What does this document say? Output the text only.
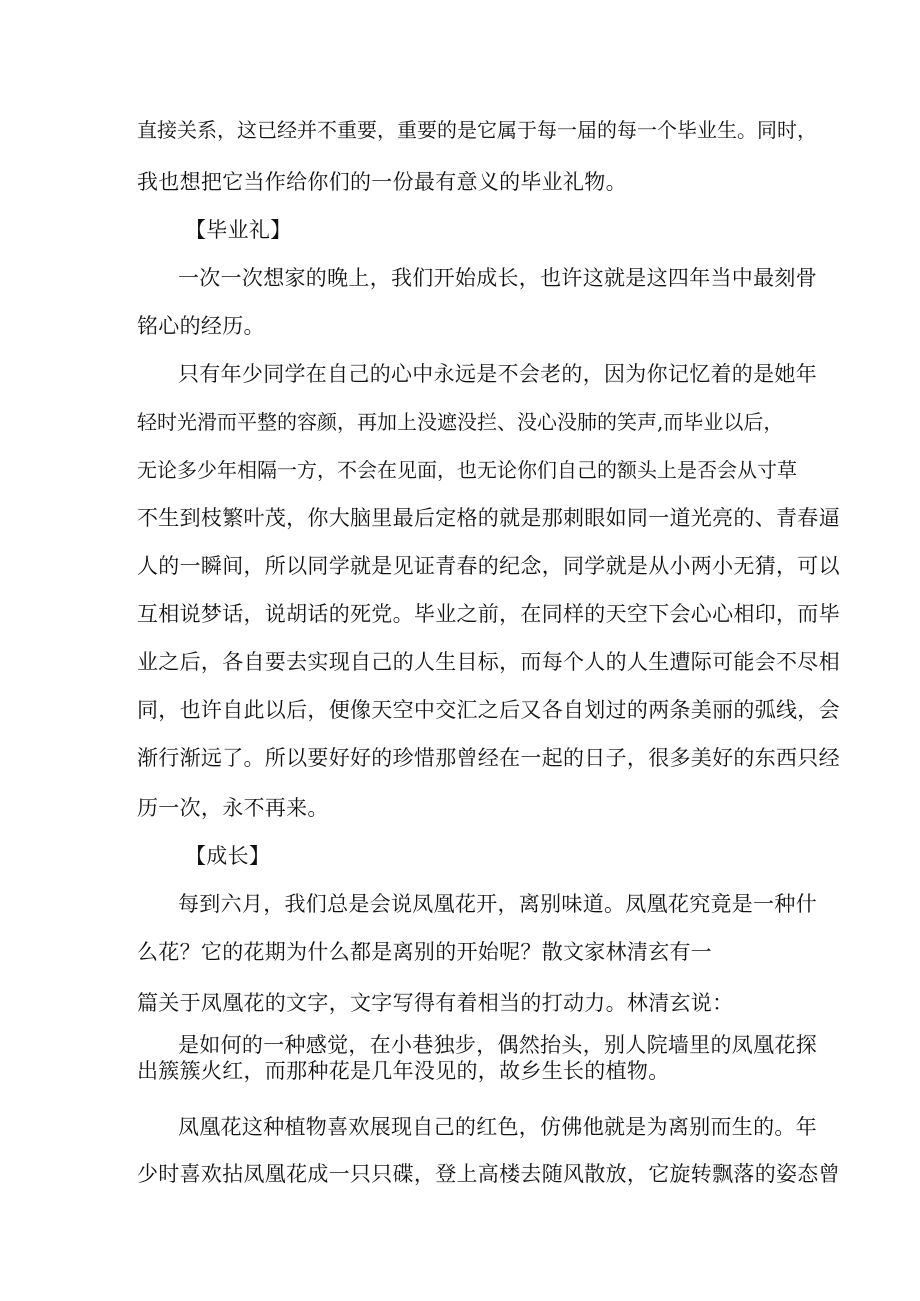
直接关系，这已经并不重要，重要的是它属于每一届的每一个毕业生。同时，
我也想把它当作给你们的一份最有意义的毕业礼物。
【毕业礼】
一次一次想家的晚上，我们开始成长，也许这就是这四年当中最刻骨
铭心的经历。
只有年少同学在自己的心中永远是不会老的，因为你记忆着的是她年
轻时光滑而平整的容颜，再加上没遮没拦、没心没肺的笑声,而毕业以后，
无论多少年相隔一方，不会在见面，也无论你们自己的额头上是否会从寸草
不生到枝繁叶茂，你大脑里最后定格的就是那刺眼如同一道光亮的、青春逼
人的一瞬间，所以同学就是见证青春的纪念，同学就是从小两小无猜，可以
互相说梦话，说胡话的死党。毕业之前，在同样的天空下会心心相印，而毕
业之后，各自要去实现自己的人生目标，而每个人的人生遭际可能会不尽相
同，也许自此以后，便像天空中交汇之后又各自划过的两条美丽的弧线，会
渐行渐远了。所以要好好的珍惜那曾经在一起的日子，很多美好的东西只经
历一次，永不再来。
【成长】
每到六月，我们总是会说凤凰花开，离别味道。凤凰花究竟是一种什
么花？它的花期为什么都是离别的开始呢？散文家林清玄有一
篇关于凤凰花的文字，文字写得有着相当的打动力。林清玄说：
是如何的一种感觉，在小巷独步，偶然抬头，别人院墙里的凤凰花探
出簇簇火红，而那种花是几年没见的，故乡生长的植物。
凤凰花这种植物喜欢展现自己的红色，仿佛他就是为离别而生的。年
少时喜欢拈凤凰花成一只只碟，登上高楼去随风散放，它旋转飘落的姿态曾
